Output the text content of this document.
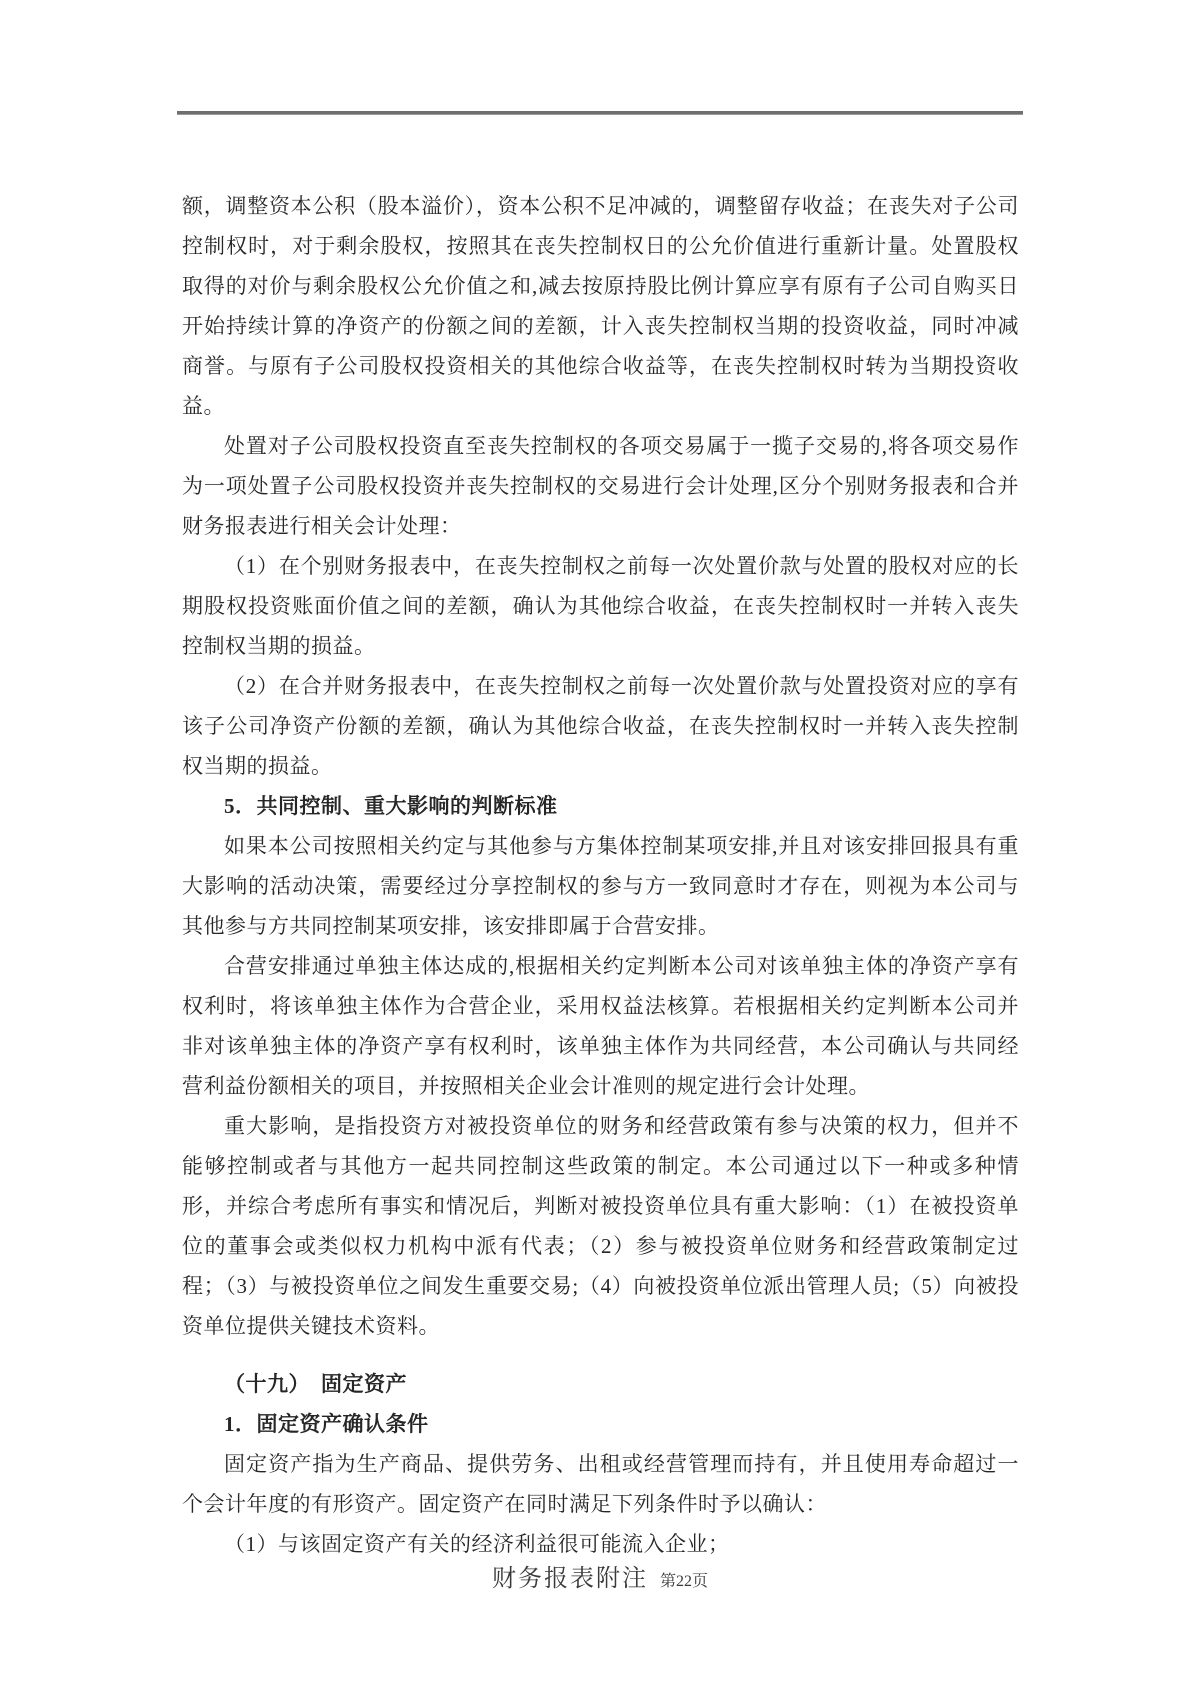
额，调整资本公积（股本溢价），资本公积不足冲减的，调整留存收益；在丧失对子公司控制权时，对于剩余股权，按照其在丧失控制权日的公允价值进行重新计量。处置股权取得的对价与剩余股权公允价值之和,减去按原持股比例计算应享有原有子公司自购买日开始持续计算的净资产的份额之间的差额，计入丧失控制权当期的投资收益，同时冲减商誉。与原有子公司股权投资相关的其他综合收益等，在丧失控制权时转为当期投资收益。

处置对子公司股权投资直至丧失控制权的各项交易属于一揽子交易的,将各项交易作为一项处置子公司股权投资并丧失控制权的交易进行会计处理,区分个别财务报表和合并财务报表进行相关会计处理：

（1）在个别财务报表中，在丧失控制权之前每一次处置价款与处置的股权对应的长期股权投资账面价值之间的差额，确认为其他综合收益，在丧失控制权时一并转入丧失控制权当期的损益。

（2）在合并财务报表中，在丧失控制权之前每一次处置价款与处置投资对应的享有该子公司净资产份额的差额，确认为其他综合收益，在丧失控制权时一并转入丧失控制权当期的损益。

5．共同控制、重大影响的判断标准

如果本公司按照相关约定与其他参与方集体控制某项安排,并且对该安排回报具有重大影响的活动决策，需要经过分享控制权的参与方一致同意时才存在，则视为本公司与其他参与方共同控制某项安排，该安排即属于合营安排。

合营安排通过单独主体达成的,根据相关约定判断本公司对该单独主体的净资产享有权利时，将该单独主体作为合营企业，采用权益法核算。若根据相关约定判断本公司并非对该单独主体的净资产享有权利时，该单独主体作为共同经营，本公司确认与共同经营利益份额相关的项目，并按照相关企业会计准则的规定进行会计处理。

重大影响，是指投资方对被投资单位的财务和经营政策有参与决策的权力，但并不能够控制或者与其他方一起共同控制这些政策的制定。本公司通过以下一种或多种情形，并综合考虑所有事实和情况后，判断对被投资单位具有重大影响：（1）在被投资单位的董事会或类似权力机构中派有代表；（2）参与被投资单位财务和经营政策制定过程；（3）与被投资单位之间发生重要交易;（4）向被投资单位派出管理人员;（5）向被投资单位提供关键技术资料。

（十九）　固定资产

1．固定资产确认条件

固定资产指为生产商品、提供劳务、出租或经营管理而持有，并且使用寿命超过一个会计年度的有形资产。固定资产在同时满足下列条件时予以确认：

（1）与该固定资产有关的经济利益很可能流入企业；

财务报表附注 第22页
